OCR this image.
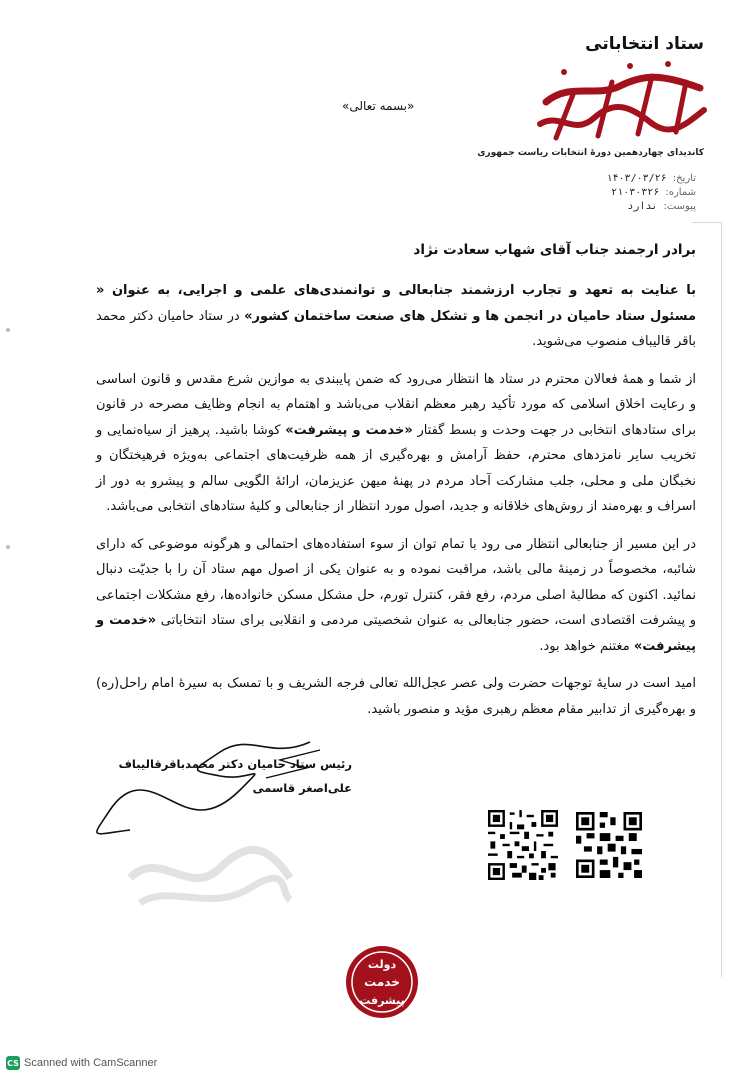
ستاد انتخاباتی
کاندیدای چهاردهمین دورهٔ انتخابات ریاست جمهوری
«بسمه تعالی»
تاریخ:
۱۴۰۳/۰۳/۲۶
شماره:
۲۱۰۳۰۳۲۶
پیوست:
ندارد

برادر ارجمند جناب آقای شهاب سعادت نژاد

با عنایت به تعهد و تجارب ارزشمند جنابعالی و توانمندی‌های علمی و اجرایی، به عنوان « مسئول ستاد حامیان در انجمن ها و تشکل های صنعت ساختمان کشور» در ستاد حامیان دکتر محمد باقر قالیباف منصوب می‌شوید.

از شما و همهٔ فعالان محترم در ستاد ها انتظار می‌رود که ضمن پایبندی به موازین شرع مقدس و قانون اساسی و رعایت اخلاق اسلامی که مورد تأکید رهبر معظم انقلاب می‌باشد و اهتمام به انجام وظایف مصرحه در قانون برای ستادهای انتخابی در جهت وحدت و بسط گفتار «خدمت و پیشرفت» کوشا باشید. پرهیز از سیاه‌نمایی و تخریب سایر نامزدهای محترم، حفظ آرامش و بهره‌گیری از همه ظرفیت‌های اجتماعی به‌ویژه فرهیختگان و نخبگان ملی و محلی، جلب مشارکت آحاد مردم در پهنهٔ میهن عزیزمان، ارائهٔ الگویی سالم و پیشرو به دور از اسراف و بهره‌مند از روش‌های خلاقانه و جدید، اصول مورد انتظار از جنابعالی و کلیهٔ ستادهای انتخابی می‌باشد.

در این مسیر از جنابعالی انتظار می رود با تمام توان از سوء استفاده‌های احتمالی و هرگونه موضوعی که دارای شائبه، مخصوصاً در زمینهٔ مالی باشد، مراقبت نموده و به عنوان یکی از اصول مهم ستاد آن را با جدیّت دنبال نمائید. اکنون که مطالبهٔ اصلی مردم، رفع فقر، کنترل تورم، حل مشکل مسکن خانواده‌ها، رفع مشکلات اجتماعی و پیشرفت اقتصادی است، حضور جنابعالی به عنوان شخصیتی مردمی و انقلابی برای ستاد انتخاباتی «خدمت و پیشرفت» مغتنم خواهد بود.

امید است در سایهٔ توجهات حضرت ولی عصر عجل‌الله تعالی فرجه الشریف و با تمسک به سیرهٔ امام راحل(ره) و بهره‌گیری از تدابیر مقام معظم رهبری مؤید و منصور باشید.

رئیس ستاد حامیان دکتر محمدباقرقالیباف
علی‌اصغر قاسمی
دولت
خدمت
پیشرفت
Scanned with CamScanner
CS
